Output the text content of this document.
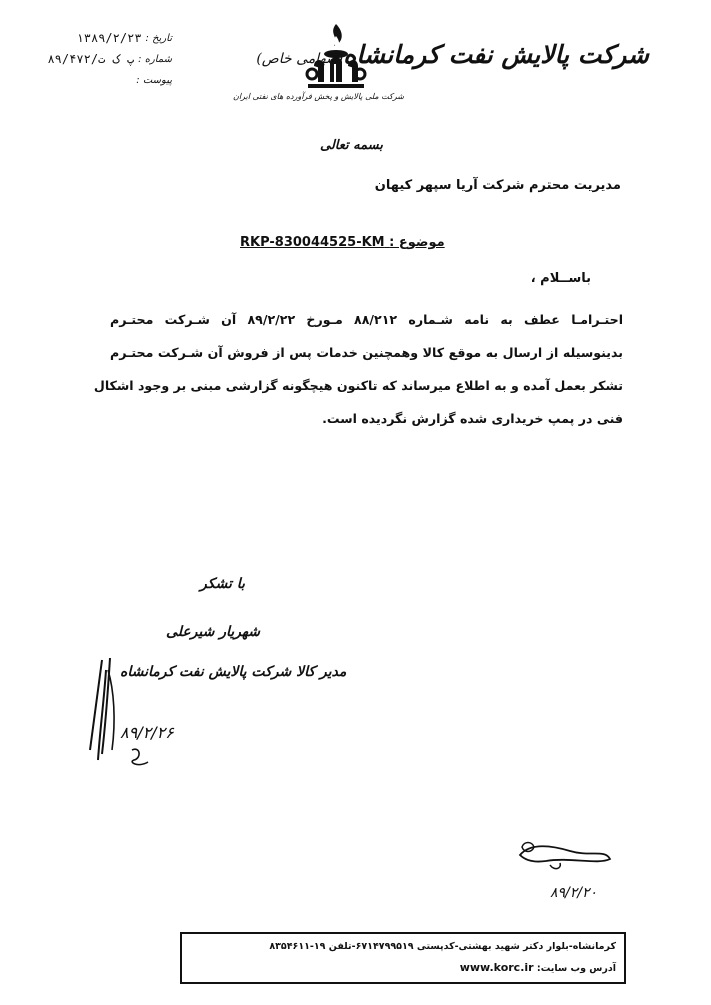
تاریخ :
۱۳۸۹/۲/۲۳
شماره :
پ ک ت/۸۹/۴۷۲
پیوست :
شرکت ملی پالایش و پخش فرآورده های نفتی ایران
شرکت پالایش نفت کرمانشاه(سهامی خاص)
بسمه تعالی
مدیریت محترم شرکت آریا سپهر کیهان
موضوع : RKP-830044525-KM
باســلام ،
احتـرامـا عطف به نامه شـماره ۸۸/۲۱۲ مـورخ ۸۹/۲/۲۲ آن شـرکت محتـرم
بدینوسیله از ارسال به موقع کالا وهمچنین خدمات پس از فروش آن شـرکت محتـرم
تشکر بعمل آمده و به اطلاع میرساند که تاکنون هیچگونه گزارشی مبنی بر وجود اشکال
فنی در پمپ خریداری شده گزارش نگردیده است.
با تشکر
شهریار شیرعلی
مدیر کالا شرکت پالایش نفت کرمانشاه
۸۹/۲/۲۶
۸۹/۲/۲۰
کرمانشاه-بلوار دکتر شهید بهشتی-کدپستی ۶۷۱۴۷۹۹۵۱۹-تلفن ۱۹-۸۳۵۴۶۱۱
آدرس وب سایت: www.korc.ir
